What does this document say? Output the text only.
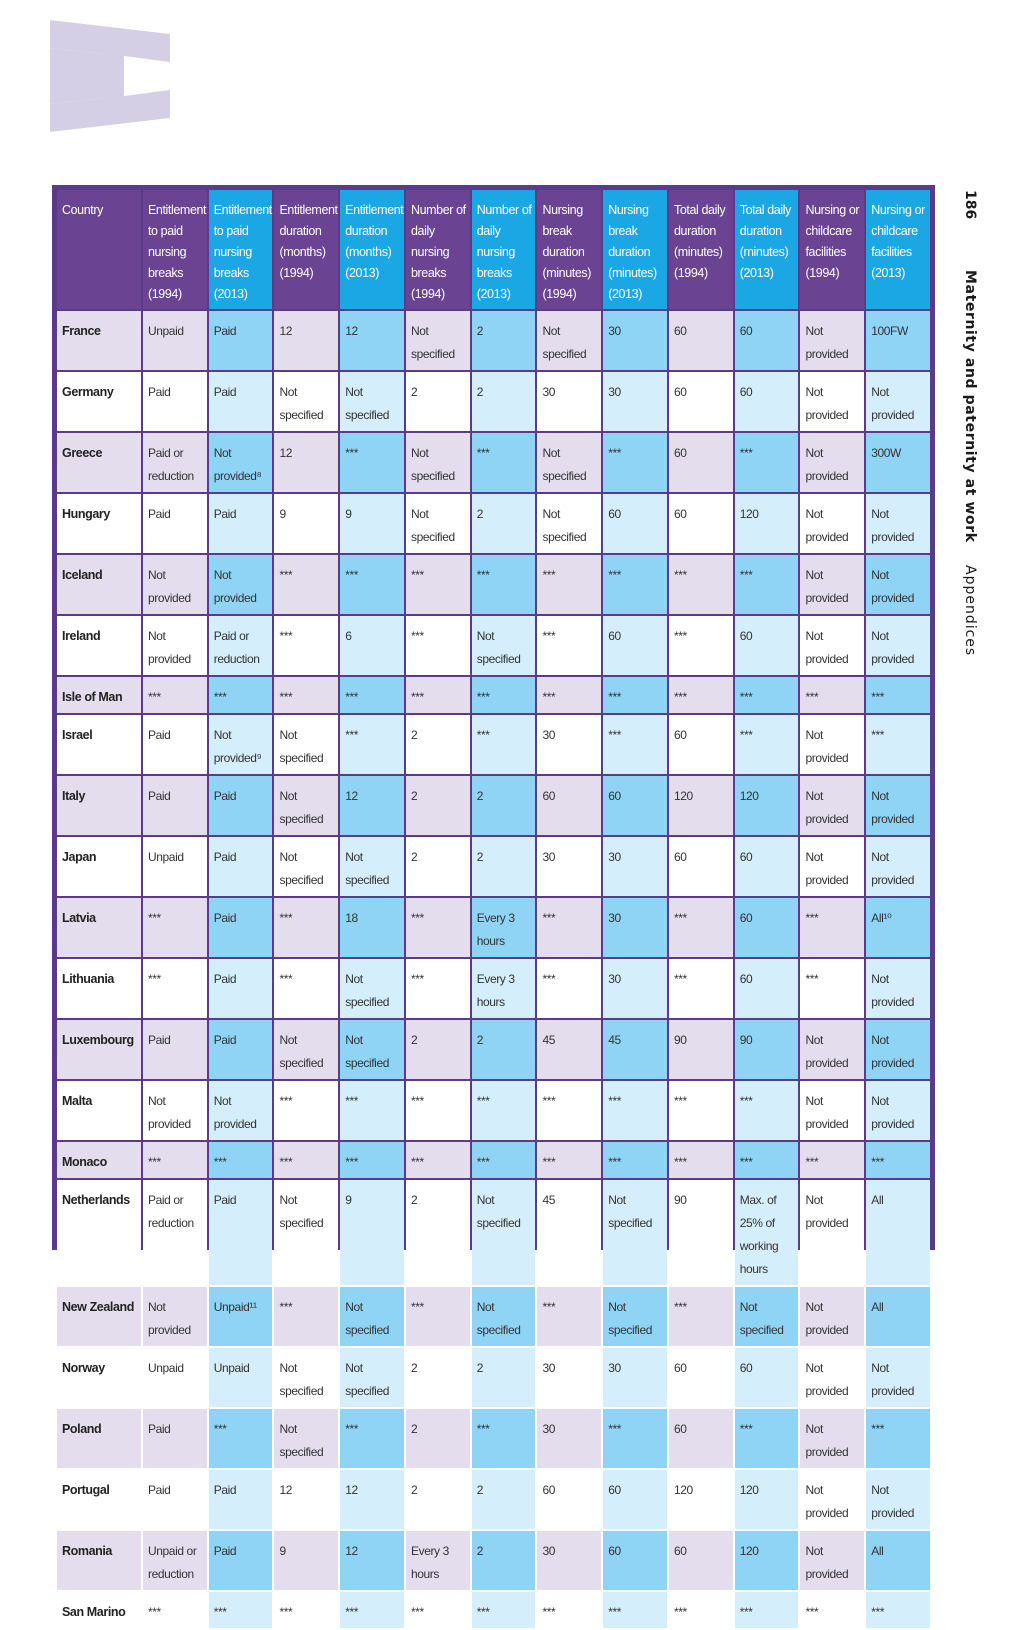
186 Maternity and paternity at work Appendices
Country	Entitlement to paid nursing breaks (1994)	Entitlement to paid nursing breaks (2013)	Entitlement duration (months) (1994)	Entitlement duration (months) (2013)	Number of daily nursing breaks (1994)	Number of daily nursing breaks (2013)	Nursing break duration (minutes) (1994)	Nursing break duration (minutes) (2013)	Total daily duration (minutes) (1994)	Total daily duration (minutes) (2013)	Nursing or childcare facilities (1994)	Nursing or childcare facilities (2013)
France	Unpaid	Paid	12	12	Not specified	2	Not specified	30	60	60	Not provided	100FW
Germany	Paid	Paid	Not specified	Not specified	2	2	30	30	60	60	Not provided	Not provided
Greece	Paid or reduction	Not provided⁸	12	***	Not specified	***	Not specified	***	60	***	Not provided	300W
Hungary	Paid	Paid	9	9	Not specified	2	Not specified	60	60	120	Not provided	Not provided
Iceland	Not provided	Not provided	***	***	***	***	***	***	***	***	Not provided	Not provided
Ireland	Not provided	Paid or reduction	***	6	***	Not specified	***	60	***	60	Not provided	Not provided
Isle of Man	***	***	***	***	***	***	***	***	***	***	***	***
Israel	Paid	Not provided⁹	Not specified	***	2	***	30	***	60	***	Not provided	***
Italy	Paid	Paid	Not specified	12	2	2	60	60	120	120	Not provided	Not provided
Japan	Unpaid	Paid	Not specified	Not specified	2	2	30	30	60	60	Not provided	Not provided
Latvia	***	Paid	***	18	***	Every 3 hours	***	30	***	60	***	All¹⁰
Lithuania	***	Paid	***	Not specified	***	Every 3 hours	***	30	***	60	***	Not provided
Luxembourg	Paid	Paid	Not specified	Not specified	2	2	45	45	90	90	Not provided	Not provided
Malta	Not provided	Not provided	***	***	***	***	***	***	***	***	Not provided	Not provided
Monaco	***	***	***	***	***	***	***	***	***	***	***	***
Netherlands	Paid or reduction	Paid	Not specified	9	2	Not specified	45	Not specified	90	Max. of 25% of working hours	Not provided	All
New Zealand	Not provided	Unpaid¹¹	***	Not specified	***	Not specified	***	Not specified	***	Not specified	Not provided	All
Norway	Unpaid	Unpaid	Not specified	Not specified	2	2	30	30	60	60	Not provided	Not provided
Poland	Paid	***	Not specified	***	2	***	30	***	60	***	Not provided	***
Portugal	Paid	Paid	12	12	2	2	60	60	120	120	Not provided	Not provided
Romania	Unpaid or reduction	Paid	9	12	Every 3 hours	2	30	60	60	120	Not provided	All
San Marino	***	***	***	***	***	***	***	***	***	***	***	***
